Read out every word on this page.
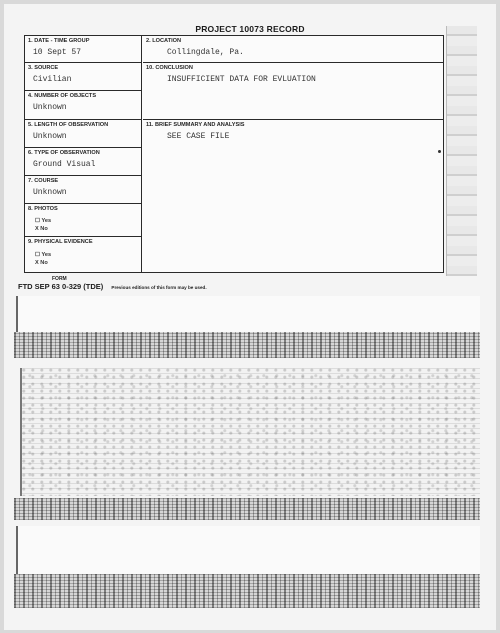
PROJECT 10073 RECORD
1. DATE - TIME GROUP
10 Sept 57
3. SOURCE
Civilian
4. NUMBER OF OBJECTS
Unknown
5. LENGTH OF OBSERVATION
Unknown
6. TYPE OF OBSERVATION
Ground Visual
7. COURSE
Unknown
8. PHOTOS
☐ Yes
X No
9. PHYSICAL EVIDENCE
☐ Yes
X No
2. LOCATION
Collingdale, Pa.
10. CONCLUSION
INSUFFICIENT DATA FOR EVLUATION
11. BRIEF SUMMARY AND ANALYSIS
SEE CASE FILE
FORM
FTD SEP 63 0-329 (TDE) Previous editions of this form may be used.
